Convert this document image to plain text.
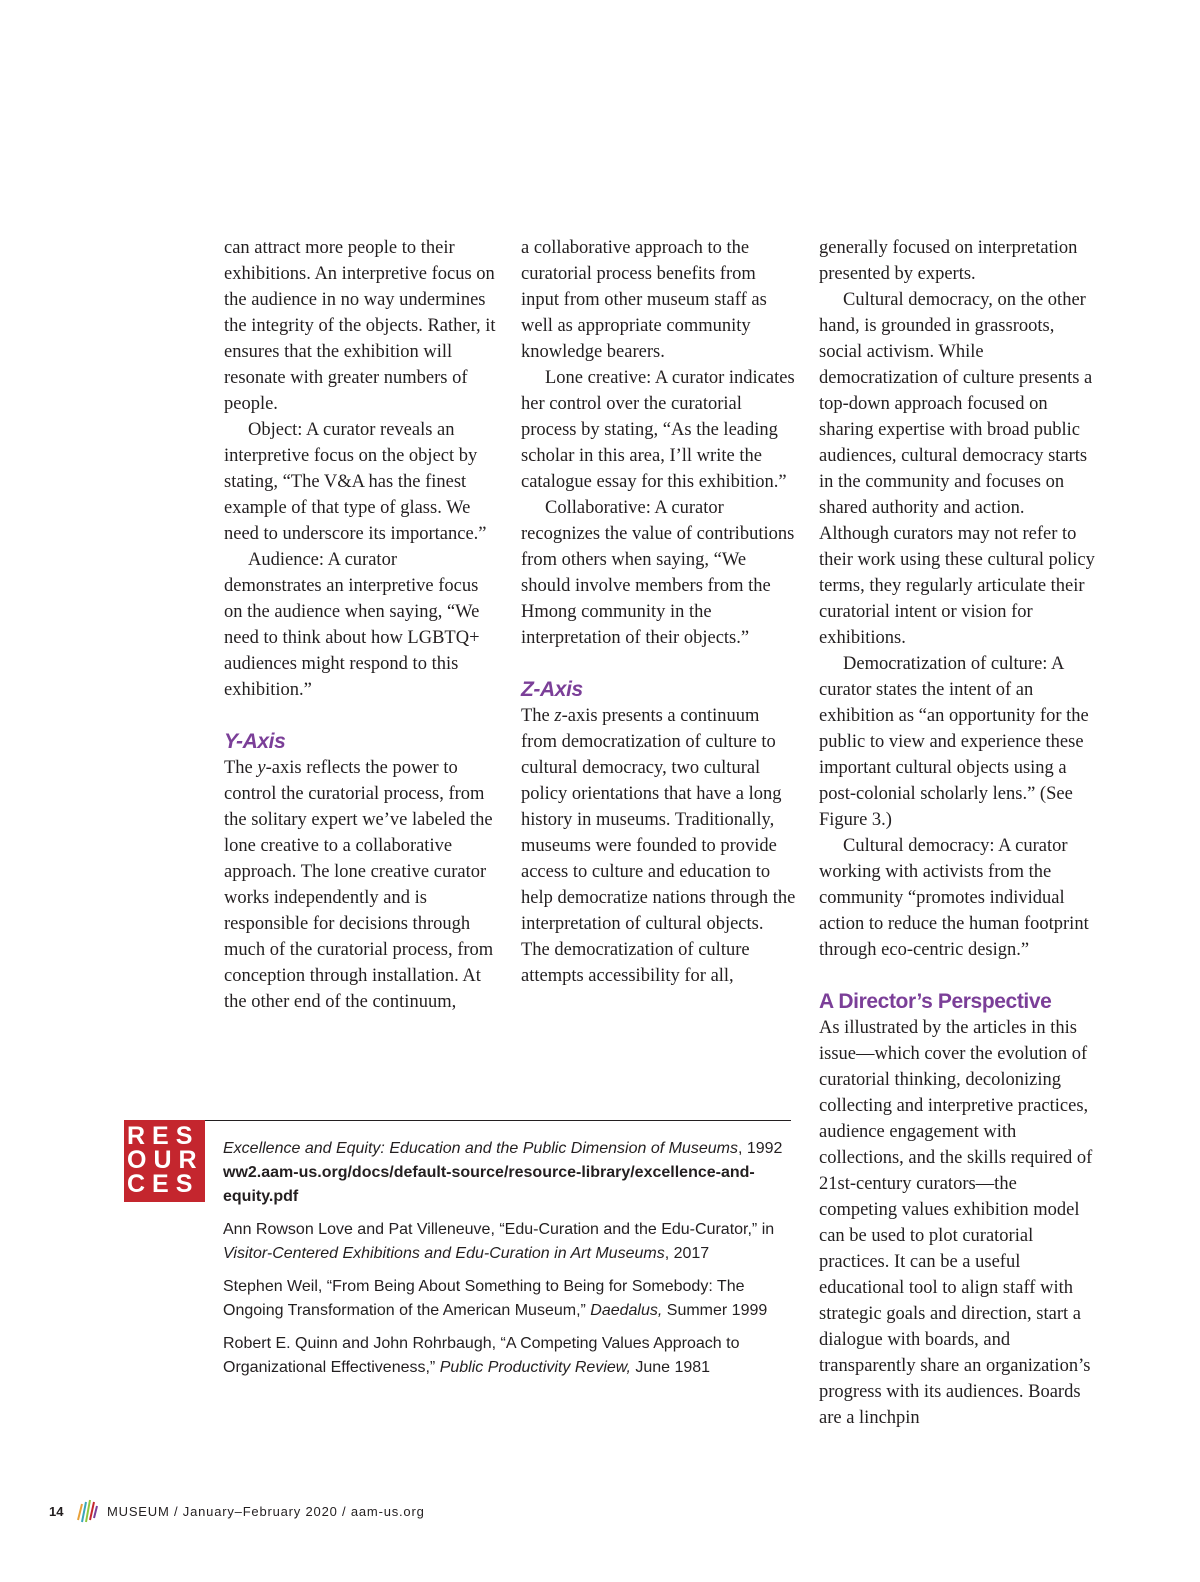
can attract more people to their exhibitions. An interpretive focus on the audience in no way undermines the integrity of the objects. Rather, it ensures that the exhibition will resonate with greater numbers of people.

Object: A curator reveals an interpretive focus on the object by stating, “The V&A has the finest example of that type of glass. We need to underscore its importance.”

Audience: A curator demonstrates an interpretive focus on the audience when saying, “We need to think about how LGBTQ+ audiences might respond to this exhibition.”

Y-Axis

The y-axis reflects the power to control the curatorial process, from the solitary expert we’ve labeled the lone creative to a collaborative approach. The lone creative curator works independently and is responsible for decisions through much of the curatorial process, from conception through installation. At the other end of the continuum,

a collaborative approach to the curatorial process benefits from input from other museum staff as well as appropriate community knowledge bearers.

Lone creative: A curator indicates her control over the curatorial process by stating, “As the leading scholar in this area, I’ll write the catalogue essay for this exhibition.”

Collaborative: A curator recognizes the value of contributions from others when saying, “We should involve members from the Hmong community in the interpretation of their objects.”

Z-Axis

The z-axis presents a continuum from democratization of culture to cultural democracy, two cultural policy orientations that have a long history in museums. Traditionally, museums were founded to provide access to culture and education to help democratize nations through the interpretation of cultural objects. The democratization of culture attempts accessibility for all,

generally focused on interpretation presented by experts.

Cultural democracy, on the other hand, is grounded in grassroots, social activism. While democratization of culture presents a top-down approach focused on sharing expertise with broad public audiences, cultural democracy starts in the community and focuses on shared authority and action. Although curators may not refer to their work using these cultural policy terms, they regularly articulate their curatorial intent or vision for exhibitions.

Democratization of culture: A curator states the intent of an exhibition as “an opportunity for the public to view and experience these important cultural objects using a post-colonial scholarly lens.” (See Figure 3.)

Cultural democracy: A curator working with activists from the community “promotes individual action to reduce the human footprint through eco-centric design.”

A Director’s Perspective

As illustrated by the articles in this issue—which cover the evolution of curatorial thinking, decolonizing collecting and interpretive practices, audience engagement with collections, and the skills required of 21st-century curators—the competing values exhibition model can be used to plot curatorial practices. It can be a useful educational tool to align staff with strategic goals and direction, start a dialogue with boards, and transparently share an organization’s progress with its audiences. Boards are a linchpin

RES
OUR
CES

Excellence and Equity: Education and the Public Dimension of Museums, 1992
ww2.aam-us.org/docs/default-source/resource-library/excellence-and-equity.pdf

Ann Rowson Love and Pat Villeneuve, “Edu-Curation and the Edu-Curator,” in Visitor-Centered Exhibitions and Edu-Curation in Art Museums, 2017

Stephen Weil, “From Being About Something to Being for Somebody: The Ongoing Transformation of the American Museum,” Daedalus, Summer 1999

Robert E. Quinn and John Rohrbaugh, “A Competing Values Approach to Organizational Effectiveness,” Public Productivity Review, June 1981

14	MUSEUM / January–February 2020 / aam-us.org
